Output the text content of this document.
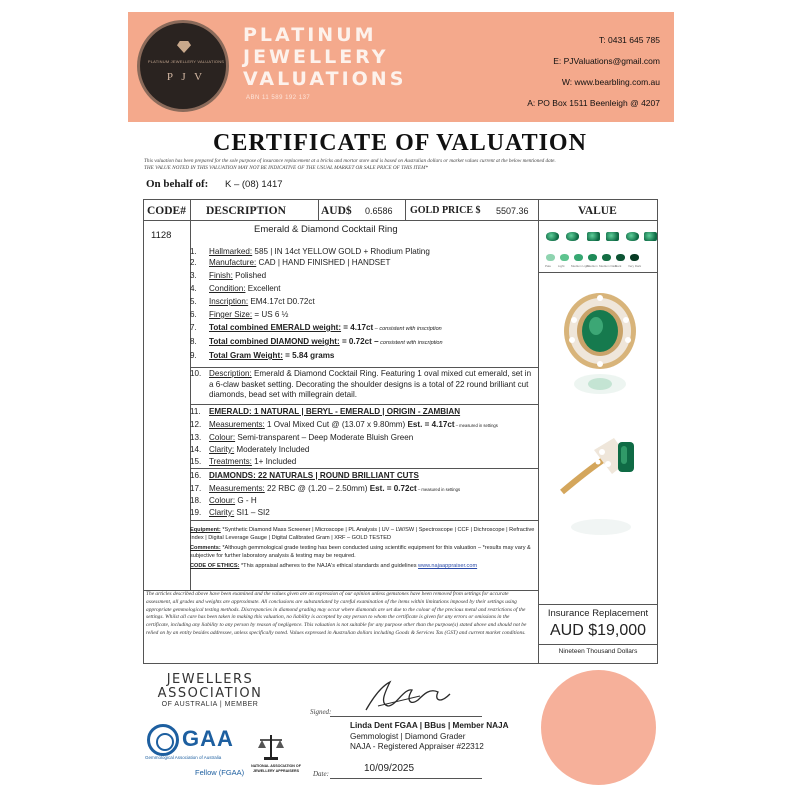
PLATINUM JEWELLERY VALUATIONS
P J V
PLATINUM
JEWELLERY
VALUATIONS
ABN 11 589 192 137
T: 0431 645 785
E: PJValuations@gmail.com
W: www.bearbling.com.au
A: PO Box 1511 Beenleigh @ 4207
CERTIFICATE OF VALUATION
This valuation has been prepared for the sole purpose of insurance replacement at a bricks and mortar store and is based on Australian dollars or market values current at the below mentioned date.
THE VALUE NOTED IN THIS VALUATION MAY NOT BE INDICATIVE OF THE USUAL MARKET OR SALE PRICE OF THIS ITEM*
On behalf of: K – (08) 1417
CODE# DESCRIPTION	AUD$ 0.6586 GOLD PRICE $ 5507.36	VALUE
1128
Emerald & Diamond Cocktail Ring
1. Hallmarked: 585 | IN 14ct YELLOW GOLD + Rhodium Plating
2. Manufacture: CAD | HAND FINISHED | HANDSET
3. Finish: Polished
4. Condition: Excellent
5. Inscription: EM4.17ct D0.72ct
6. Finger Size: = US 6 ½
7. Total combined EMERALD weight: = 4.17ct – consistent with inscription
8. Total combined DIAMOND weight: = 0.72ct – consistent with inscription
9. Total Gram Weight: = 5.84 grams
10. Description: Emerald & Diamond Cocktail Ring. Featuring 1 oval mixed cut emerald, set in a 6-claw basket setting. Decorating the shoulder designs is a total of 22 round brilliant cut diamonds, bead set with millegrain detail.
11. EMERALD: 1 NATURAL | BERYL - EMERALD | ORIGIN - ZAMBIAN
12. Measurements: 1 Oval Mixed Cut @ (13.07 x 9.80mm) Est. = 4.17ct – measured in settings
13. Colour: Semi-transparent – Deep Moderate Bluish Green
14. Clarity: Moderately Included
15. Treatments: 1+ Included
16. DIAMONDS: 22 NATURALS | ROUND BRILLIANT CUTS
17. Measurements: 22 RBC @ (1.20 – 2.50mm) Est. = 0.72ct – measured in settings
18. Colour: G - H
19. Clarity: SI1 – SI2
Equipment: *Synthetic Diamond Mass Screener | Microscope | PL Analysis | UV – LW/SW | Spectroscope | CCF | Dichroscope | Refractive Index | Digital Leverage Gauge | Digital Calibrated Gram | XRF – GOLD TESTED
Comments: *Although gemmological grade testing has been conducted using scientific equipment for this valuation – *results may vary & subjective for further laboratory analysis & testing may be required.
CODE OF ETHICS: *This appraisal adheres to the NAJA's ethical standards and guidelines www.najaappraiser.com
Pale Light Medium Light
Medium Medium Dark
Dark Very Dark
The articles described above have been examined and the values given are an expression of our opinion unless gemstones have been removed from settings for accurate assessment, all grades and weights are approximate. All conclusions are substantiated by careful examination of the items within limitations imposed by their settings using appropriate gemmological testing methods. Discrepancies in diamond grading may occur where diamonds are set due to the colour of the precious metal and restrictions of the settings. Whilst all care has been taken in making this valuation, no liability is accepted by any person to whom the certificate is given for any errors or omissions in the certificate, including any liability to any person by reason of negligence. This valuation is not suitable for any purpose other than the purpose(s) stated above and should not be relied on by an entity besides addressee, unless specifically noted. Values expressed in Australian dollars including Goods & Services Tax (GST) and current market conditions.
Insurance Replacement
AUD $19,000
Nineteen Thousand Dollars
JEWELLERS
ASSOCIATION
OF AUSTRALIA | MEMBER
GAA
Gemmological Association of Australia
Fellow (FGAA)
NATIONAL ASSOCIATION OF JEWELLERY APPRAISERS
Signed:
Linda Dent FGAA | BBus | Member NAJA
Gemmologist | Diamond Grader
NAJA - Registered Appraiser #22312
Date:	10/09/2025
